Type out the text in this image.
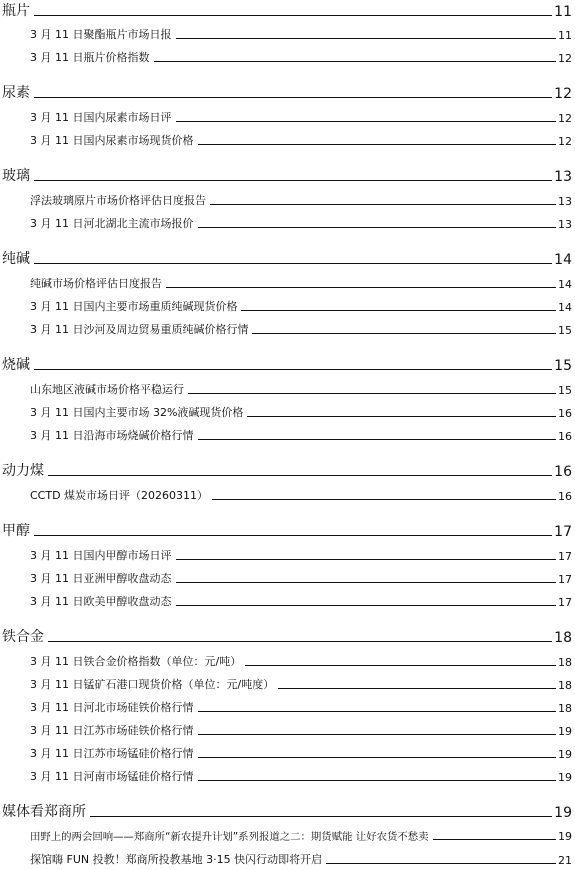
瓶片	11
3 月 11 日聚酯瓶片市场日报	11
3 月 11 日瓶片价格指数	12
尿素	12
3 月 11 日国内尿素市场日评	12
3 月 11 日国内尿素市场现货价格	12
玻璃	13
浮法玻璃原片市场价格评估日度报告	13
3 月 11 日河北湖北主流市场报价	13
纯碱	14
纯碱市场价格评估日度报告	14
3 月 11 日国内主要市场重质纯碱现货价格	14
3 月 11 日沙河及周边贸易重质纯碱价格行情	15
烧碱	15
山东地区液碱市场价格平稳运行	15
3 月 11 日国内主要市场 32%液碱现货价格	16
3 月 11 日沿海市场烧碱价格行情	16
动力煤	16
CCTD 煤炭市场日评（20260311）	16
甲醇	17
3 月 11 日国内甲醇市场日评	17
3 月 11 日亚洲甲醇收盘动态	17
3 月 11 日欧美甲醇收盘动态	17
铁合金	18
3 月 11 日铁合金价格指数（单位：元/吨）	18
3 月 11 日锰矿石港口现货价格（单位：元/吨度）	18
3 月 11 日河北市场硅铁价格行情	18
3 月 11 日江苏市场硅铁价格行情	19
3 月 11 日江苏市场锰硅价格行情	19
3 月 11 日河南市场锰硅价格行情	19
媒体看郑商所	19
田野上的两会回响——郑商所“新农提升计划”系列报道之二：期货赋能 让好农货不愁卖	19
探馆嗨 FUN 投教！郑商所投教基地 3·15 快闪行动即将开启	21
